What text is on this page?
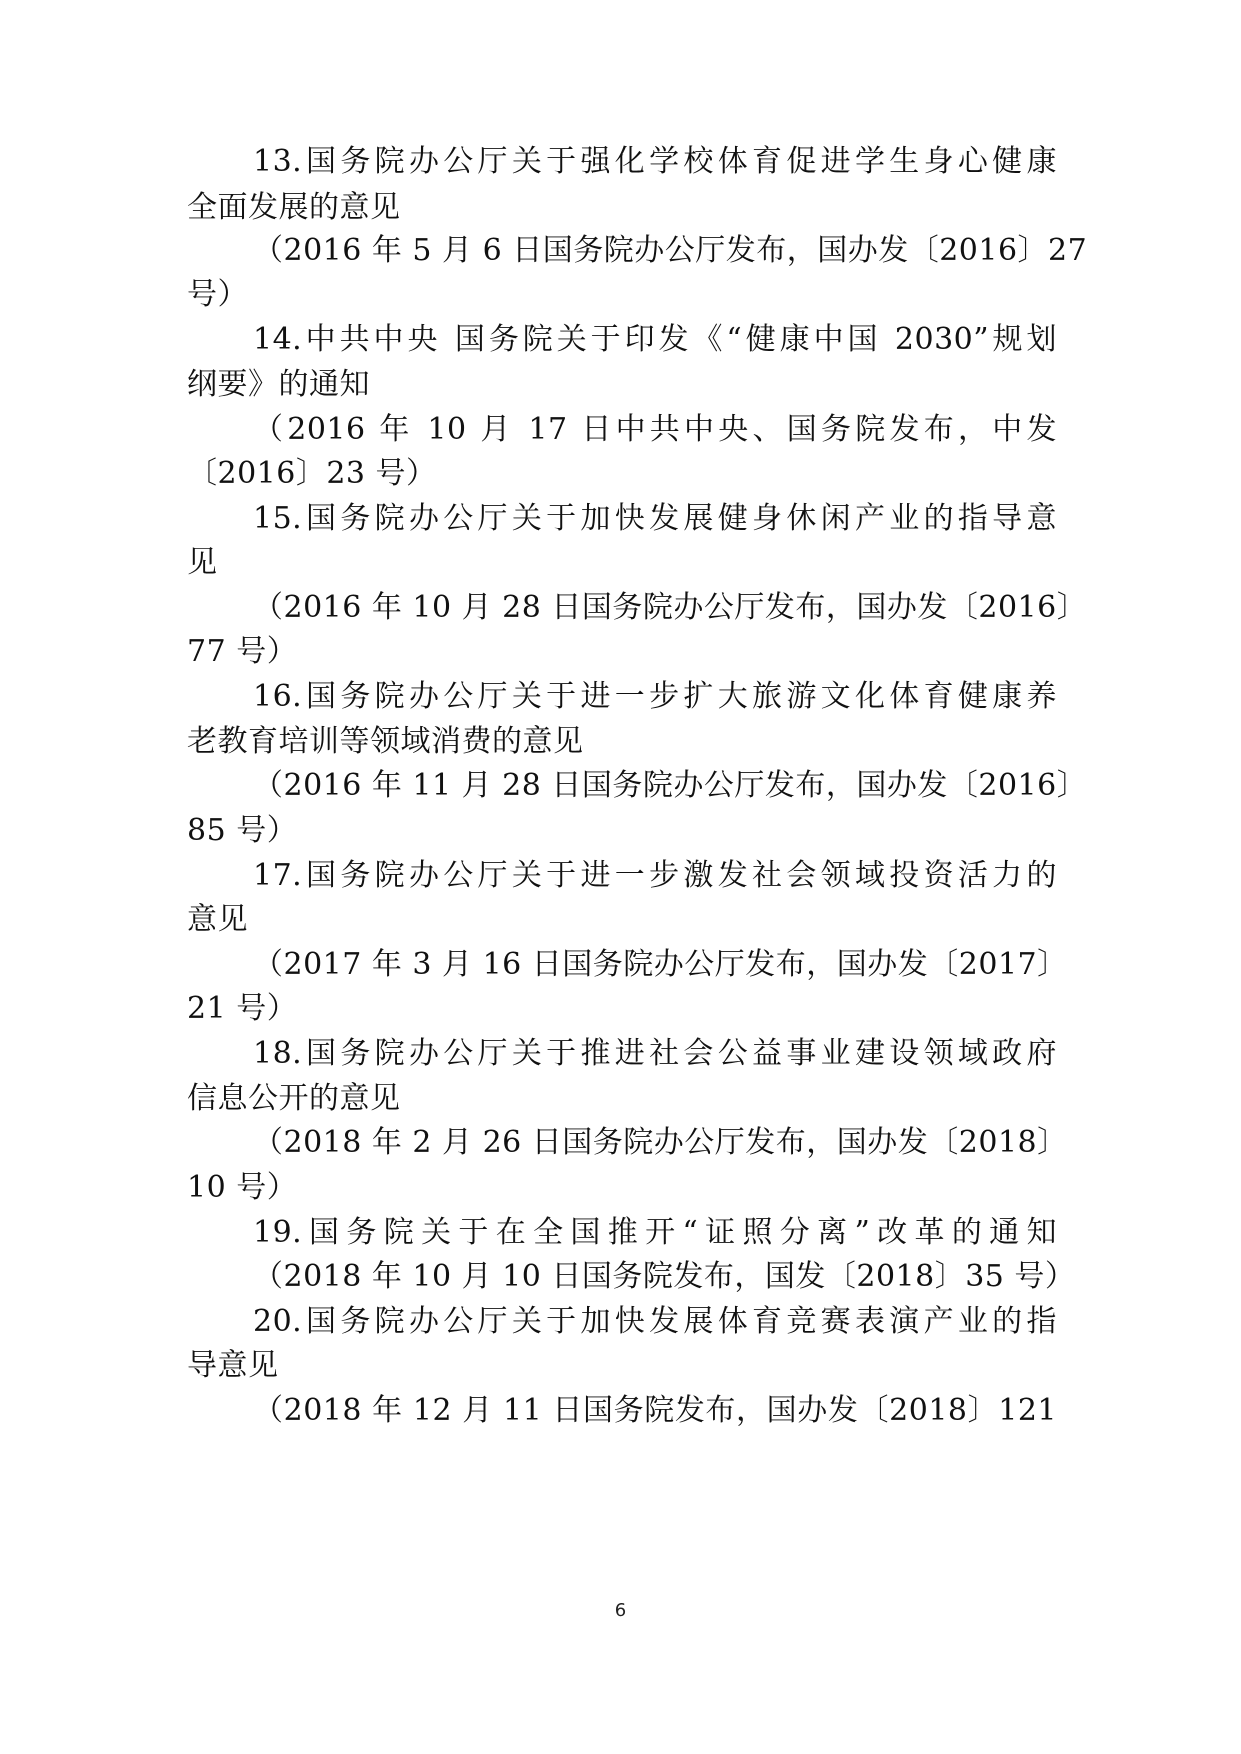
13.国务院办公厅关于强化学校体育促进学生身心健康
全面发展的意见
（2016 年 5 月 6 日国务院办公厅发布，国办发〔2016〕27
号）
14.中共中央 国务院关于印发《“健康中国 2030”规划
纲要》的通知
（2016 年 10 月 17 日中共中央、国务院发布，中发
〔2016〕23 号）
15.国务院办公厅关于加快发展健身休闲产业的指导意
见
（2016 年 10 月 28 日国务院办公厅发布，国办发〔2016〕
77 号）
16.国务院办公厅关于进一步扩大旅游文化体育健康养
老教育培训等领域消费的意见
（2016 年 11 月 28 日国务院办公厅发布，国办发〔2016〕
85 号）
17.国务院办公厅关于进一步激发社会领域投资活力的
意见
（2017 年 3 月 16 日国务院办公厅发布，国办发〔2017〕
21 号）
18.国务院办公厅关于推进社会公益事业建设领域政府
信息公开的意见
（2018 年 2 月 26 日国务院办公厅发布，国办发〔2018〕
10 号）
19.国务院关于在全国推开“证照分离”改革的通知
（2018 年 10 月 10 日国务院发布，国发〔2018〕35 号）
20.国务院办公厅关于加快发展体育竞赛表演产业的指
导意见
（2018 年 12 月 11 日国务院发布，国办发〔2018〕121
6
